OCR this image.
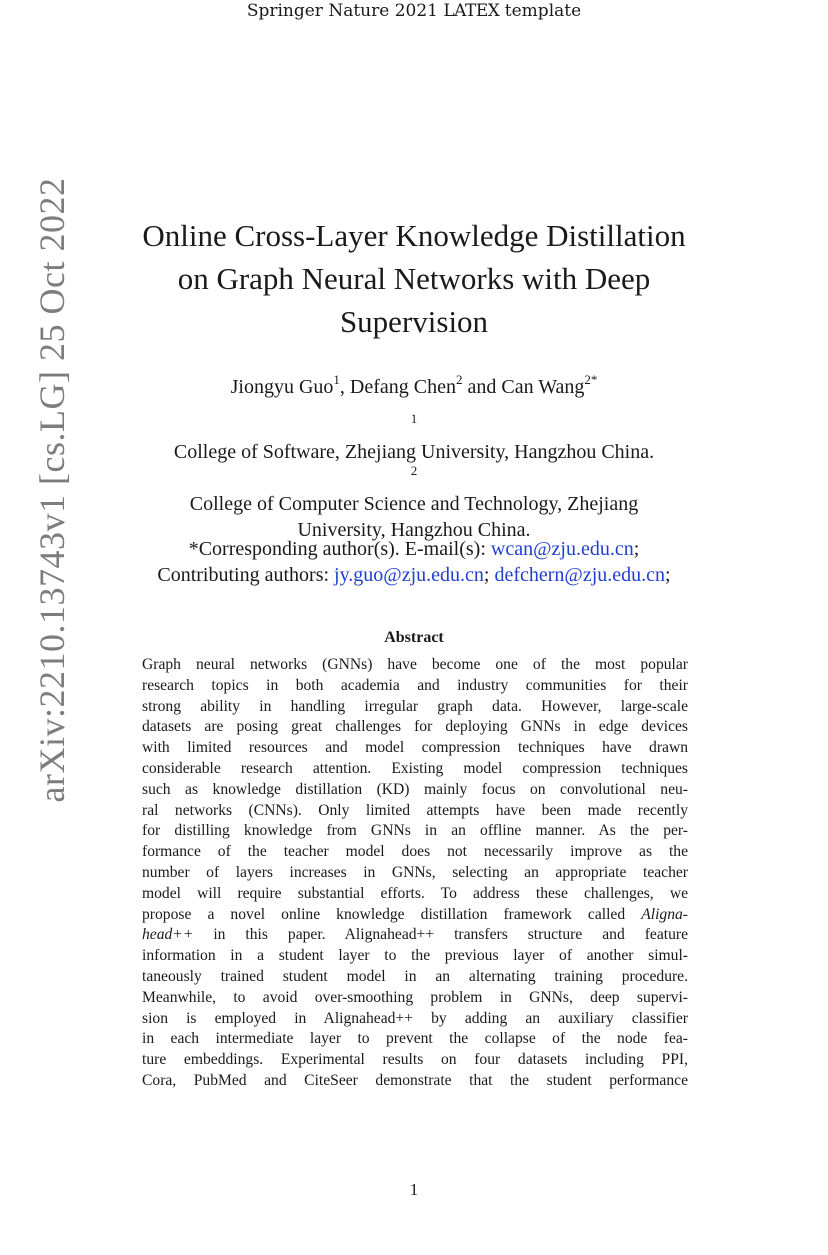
Springer Nature 2021 LATEX template
arXiv:2210.13743v1 [cs.LG] 25 Oct 2022	Online Cross-Layer Knowledge Distillation
on Graph Neural Networks with Deep
Supervision
Jiongyu Guo$^1$, Defang Chen$^2$ and Can Wang$^{2*}$
$^1$
College of Software, Zhejiang University, Hangzhou China.
$^2$
College of Computer Science and Technology, Zhejiang
University, Hangzhou China.
*Corresponding author(s). E-mail(s): wcan@zju.edu.cn;
Contributing authors: jy.guo@zju.edu.cn; defchern@zju.edu.cn;
Abstract
Graph neural networks (GNNs) have become one of the most popular
research topics in both academia and industry communities for their
strong ability in handling irregular graph data. However, large-scale
datasets are posing great challenges for deploying GNNs in edge devices
with limited resources and model compression techniques have drawn
considerable research attention. Existing model compression techniques
such as knowledge distillation (KD) mainly focus on convolutional neu-
ral networks (CNNs). Only limited attempts have been made recently
for distilling knowledge from GNNs in an offline manner. As the per-
formance of the teacher model does not necessarily improve as the
number of layers increases in GNNs, selecting an appropriate teacher
model will require substantial efforts. To address these challenges, we
propose a novel online knowledge distillation framework called Aligna-
head++ in this paper. Alignahead++ transfers structure and feature
information in a student layer to the previous layer of another simul-
taneously trained student model in an alternating training procedure.
Meanwhile, to avoid over-smoothing problem in GNNs, deep supervi-
sion is employed in Alignahead++ by adding an auxiliary classifier
in each intermediate layer to prevent the collapse of the node fea-
ture embeddings. Experimental results on four datasets including PPI,
Cora, PubMed and CiteSeer demonstrate that the student performance
1
